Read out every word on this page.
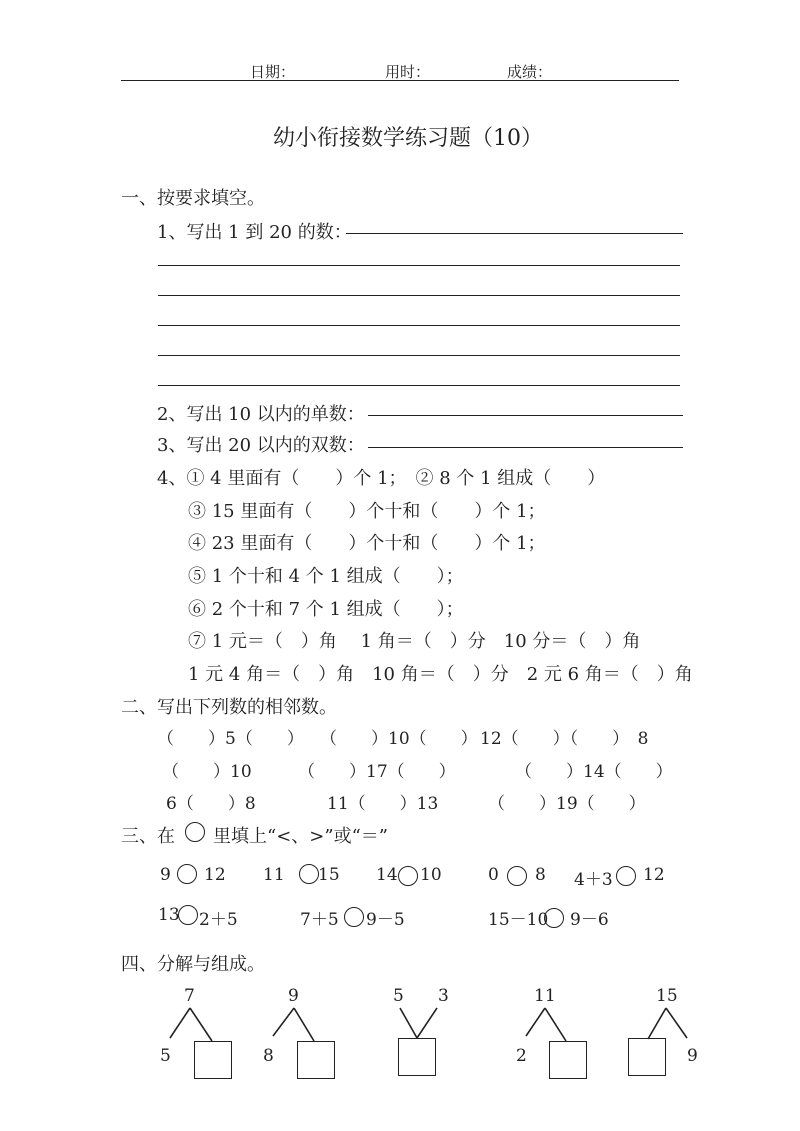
日期：	用时：	成绩：
幼小衔接数学练习题（10）
一、按要求填空。
1、写出 1 到 20 的数：
2、写出 10 以内的单数：
3、写出 20 以内的双数：
4、① 4 里面有（　　）个 1；　② 8 个 1 组成（　　）
③ 15 里面有（　　）个十和（　　）个 1；
④ 23 里面有（　　）个十和（　　）个 1；
⑤ 1 个十和 4 个 1 组成（　　）；
⑥ 2 个十和 7 个 1 组成（　　）；
⑦ 1 元＝（　）角　 1 角＝（　）分　10 分＝（　）角
1 元 4 角＝（　）角　10 角＝（　）分　2 元 6 角＝（　）角
二、写出下列数的相邻数。
（　　）5（　　） （　　）10（　　） 12（　　）（　　）　8
（　　）10	（　　）17（　　）	（　　）14（　　）
6（　　）8	11（　　）13	（　　）19（　　）
三、在 里填上“<、>”或“＝”
9 12 11 15 14 10	0 8 4＋3 12
13 2＋5	7＋5 9－5	15－10 9－6
四、分解与组成。
7
5
9
8
5 3	11
2
15
9
